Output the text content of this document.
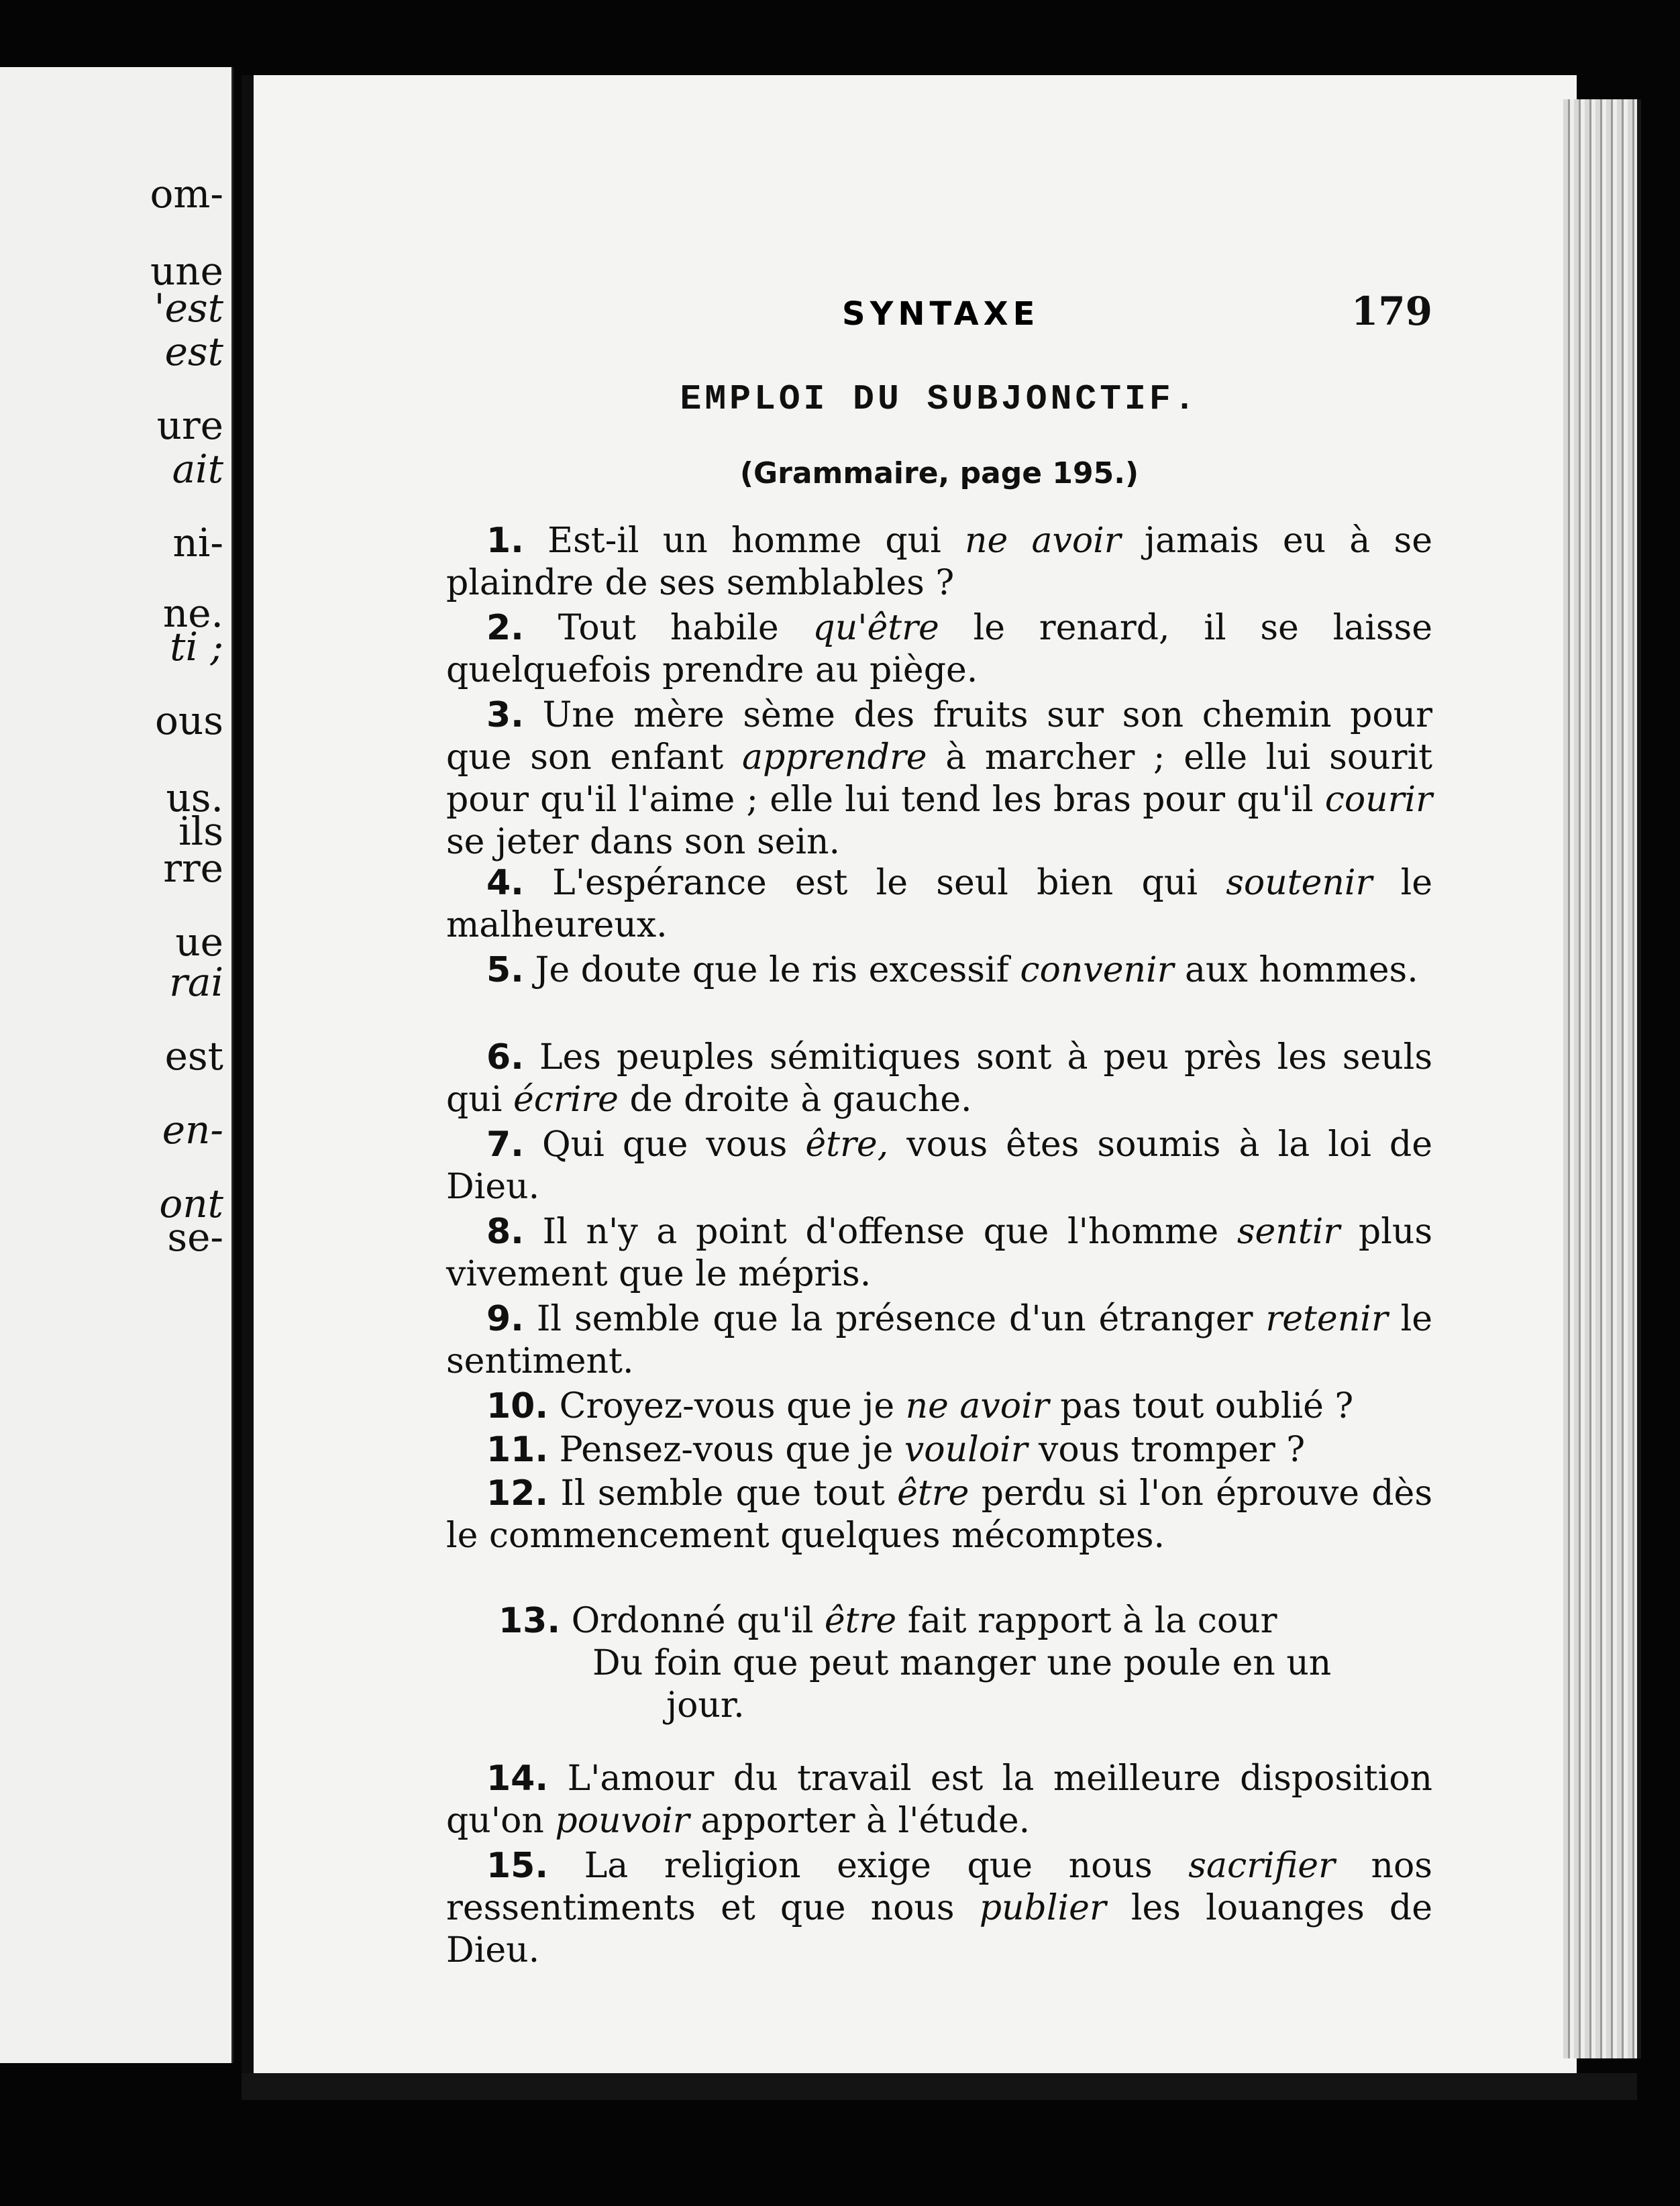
om-
une
'est
est
ure
ait
ni-
ne.
ti ;
ous
us.
ils
rre
ue
rai
est
en-
ont
se-
SYNTAXE	179
EMPLOI DU SUBJONCTIF.
(Grammaire, page 195.)
1. Est-il un homme qui ne avoir jamais eu à se plaindre de ses semblables ?
2. Tout habile qu'être le renard, il se laisse quelquefois prendre au piège.
3. Une mère sème des fruits sur son chemin pour que son enfant apprendre à marcher ; elle lui sourit pour qu'il l'aime ; elle lui tend les bras pour qu'il courir se jeter dans son sein.
4. L'espérance est le seul bien qui soutenir le malheureux.
5. Je doute que le ris excessif convenir aux hommes.
6. Les peuples sémitiques sont à peu près les seuls qui écrire de droite à gauche.
7. Qui que vous être, vous êtes soumis à la loi de Dieu.
8. Il n'y a point d'offense que l'homme sentir plus vivement que le mépris.
9. Il semble que la présence d'un étranger retenir le sentiment.
10. Croyez-vous que je ne avoir pas tout oublié ?
11. Pensez-vous que je vouloir vous tromper ?
12. Il semble que tout être perdu si l'on éprouve dès le commencement quelques mécomptes.
13. Ordonné qu'il être fait rapport à la cour
Du foin que peut manger une poule en un
jour.
14. L'amour du travail est la meilleure disposition qu'on pouvoir apporter à l'étude.
15. La religion exige que nous sacrifier nos ressentiments et que nous publier les louanges de Dieu.
